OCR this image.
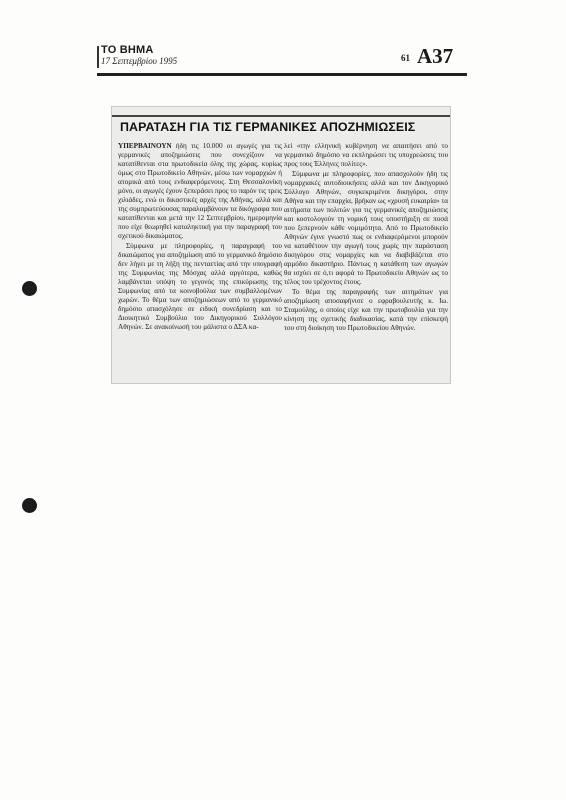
ΤΟ ΒΗΜΑ
17 Σεπτεμβρίου 1995	61 A37
ΠΑΡΑΤΑΣΗ ΓΙΑ ΤΙΣ ΓΕΡΜΑΝΙΚΕΣ ΑΠΟΖΗΜΙΩΣΕΙΣ

ΥΠΕΡΒΑΙΝΟΥΝ ήδη τις 10.000 οι αγωγές για τις γερμανικές αποζημιώσεις που συνεχίζουν να κατατίθενται στα πρωτοδικεία όλης της χώρας, κυρίως όμως στο Πρωτοδικείο Αθηνών, μέσω των νομαρχιών ή ατομικά από τους ενδιαφερόμενους. Στη Θεσσαλονίκη μόνο, οι αγωγές έχουν ξεπεράσει προς το παρόν τις τρεις χιλιάδες, ενώ οι δικαστικές αρχές της Αθήνας, αλλά και της συμπρωτεύουσας παραλαμβάνουν τα δικόγραφα που κατατίθενται και μετά την 12 Σεπτεμβρίου, ημερομηνία που είχε θεωρηθεί καταληκτική για την παραγραφή του σχετικού δικαιώματος.

Σύμφωνα με πληροφορίες, η παραγραφή του δικαιώματος για αποζημίωση από το γερμανικό δημόσιο δεν λήγει με τη λήξη της πενταετίας από την υπογραφή της Συμφωνίας της Μόσχας αλλά αργότερα, καθώς λαμβάνεται υπόψη το γεγονός της επικύρωσης της Συμφωνίας από τα κοινοβούλια των συμβαλλομένων χωρών. Το θέμα των αποζημιώσεων από το γερμανικό δημόσιο απασχόλησε σε ειδική συνεδρίαση και το Διοικητικό Συμβούλιο του Δικηγορικού Συλλόγου Αθηνών. Σε ανακοίνωσή του μάλιστα ο ΔΣΑ κα-

λεί «την ελληνική κυβέρνηση να απαιτήσει από το γερμανικό δημόσιο να εκπληρώσει τις υποχρεώσεις του προς τους Έλληνες πολίτες».

Σύμφωνα με πληροφορίες, που απασχολούν ήδη τις νομαρχιακές αυτοδιοικήσεις αλλά και τον Δικηγορικό Σύλλογο Αθηνών, συγκεκριμένοι δικηγόροι, στην Αθήνα και την επαρχία, βρήκαν ως «χρυσή ευκαιρία» τα αιτήματα των πολιτών για τις γερμανικές αποζημιώσεις και κοστολογούν τη νομική τους υποστήριξη σε ποσά που ξεπερνούν κάθε νομιμότητα. Από το Πρωτοδικείο Αθηνών έγινε γνωστό πως οι ενδιαφερόμενοι μπορούν να καταθέτουν την αγωγή τους χωρίς την παράσταση δικηγόρου στις νομαρχίες και να διαβιβάζεται στο αρμόδιο δικαστήριο. Πάντως η κατάθεση των αγωγών θα ισχύει σε ό,τι αφορά το Πρωτοδικείο Αθηνών ως το τέλος του τρέχοντος έτους.

Το θέμα της παραγραφής των αιτημάτων για αποζημίωση αποσαφήνισε ο εφραβουλευτής κ. Ιω. Σταμούλης, ο οποίος είχε και την πρωτοβουλία για την κίνηση της σχετικής διαδικασίας, κατά την επίσκεψή του στη διοίκηση του Πρωτοδικείου Αθηνών.
